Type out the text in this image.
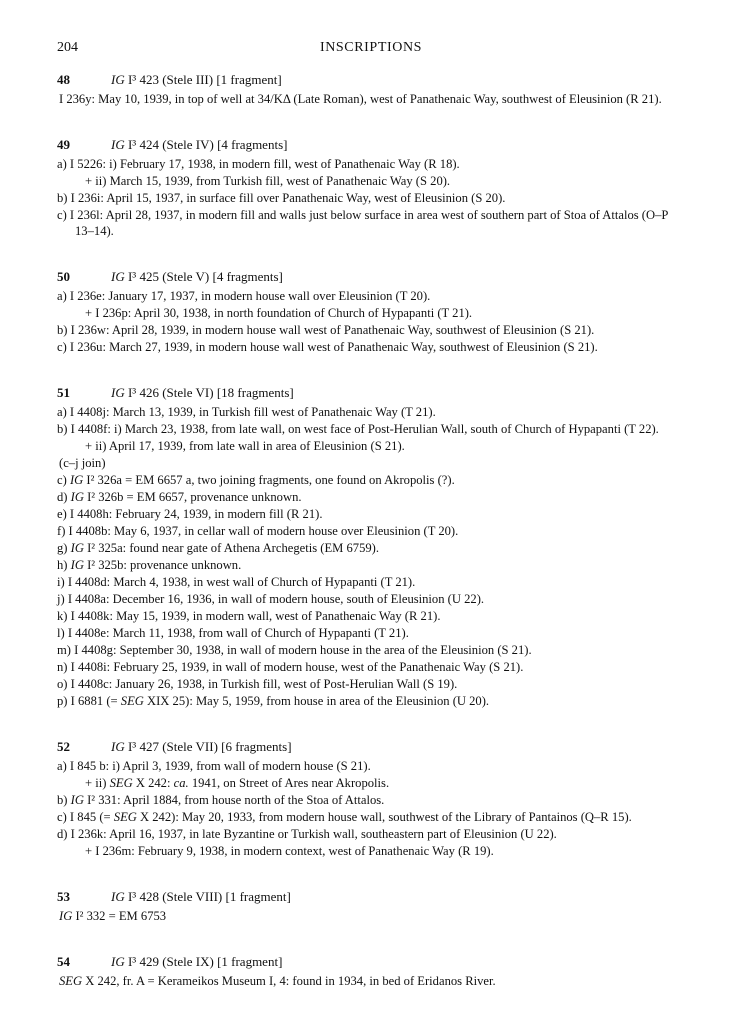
204	INSCRIPTIONS
48	IG I³ 423 (Stele III) [1 fragment]
I 236y: May 10, 1939, in top of well at 34/ΚΔ (Late Roman), west of Panathenaic Way, southwest of Eleusinion (R 21).
49	IG I³ 424 (Stele IV) [4 fragments]
a) I 5226: i) February 17, 1938, in modern fill, west of Panathenaic Way (R 18).
+ ii) March 15, 1939, from Turkish fill, west of Panathenaic Way (S 20).
b) I 236i: April 15, 1937, in surface fill over Panathenaic Way, west of Eleusinion (S 20).
c) I 236l: April 28, 1937, in modern fill and walls just below surface in area west of southern part of Stoa of Attalos (O–P 13–14).
50	IG I³ 425 (Stele V) [4 fragments]
a) I 236e: January 17, 1937, in modern house wall over Eleusinion (T 20).
+ I 236p: April 30, 1938, in north foundation of Church of Hypapanti (T 21).
b) I 236w: April 28, 1939, in modern house wall west of Panathenaic Way, southwest of Eleusinion (S 21).
c) I 236u: March 27, 1939, in modern house wall west of Panathenaic Way, southwest of Eleusinion (S 21).
51	IG I³ 426 (Stele VI) [18 fragments]
a) I 4408j: March 13, 1939, in Turkish fill west of Panathenaic Way (T 21).
b) I 4408f: i) March 23, 1938, from late wall, on west face of Post-Herulian Wall, south of Church of Hypapanti (T 22).
+ ii) April 17, 1939, from late wall in area of Eleusinion (S 21).
(c–j join)
c) IG I² 326a = EM 6657 a, two joining fragments, one found on Akropolis (?).
d) IG I² 326b = EM 6657, provenance unknown.
e) I 4408h: February 24, 1939, in modern fill (R 21).
f) I 4408b: May 6, 1937, in cellar wall of modern house over Eleusinion (T 20).
g) IG I² 325a: found near gate of Athena Archegetis (EM 6759).
h) IG I² 325b: provenance unknown.
i) I 4408d: March 4, 1938, in west wall of Church of Hypapanti (T 21).
j) I 4408a: December 16, 1936, in wall of modern house, south of Eleusinion (U 22).
k) I 4408k: May 15, 1939, in modern wall, west of Panathenaic Way (R 21).
l) I 4408e: March 11, 1938, from wall of Church of Hypapanti (T 21).
m) I 4408g: September 30, 1938, in wall of modern house in the area of the Eleusinion (S 21).
n) I 4408i: February 25, 1939, in wall of modern house, west of the Panathenaic Way (S 21).
o) I 4408c: January 26, 1938, in Turkish fill, west of Post-Herulian Wall (S 19).
p) I 6881 (= SEG XIX 25): May 5, 1959, from house in area of the Eleusinion (U 20).
52	IG I³ 427 (Stele VII) [6 fragments]
a) I 845 b: i) April 3, 1939, from wall of modern house (S 21).
+ ii) SEG X 242: ca. 1941, on Street of Ares near Akropolis.
b) IG I² 331: April 1884, from house north of the Stoa of Attalos.
c) I 845 (= SEG X 242): May 20, 1933, from modern house wall, southwest of the Library of Pantainos (Q–R 15).
d) I 236k: April 16, 1937, in late Byzantine or Turkish wall, southeastern part of Eleusinion (U 22).
+ I 236m: February 9, 1938, in modern context, west of Panathenaic Way (R 19).
53	IG I³ 428 (Stele VIII) [1 fragment]
IG I² 332 = EM 6753
54	IG I³ 429 (Stele IX) [1 fragment]
SEG X 242, fr. A = Kerameikos Museum I, 4: found in 1934, in bed of Eridanos River.
